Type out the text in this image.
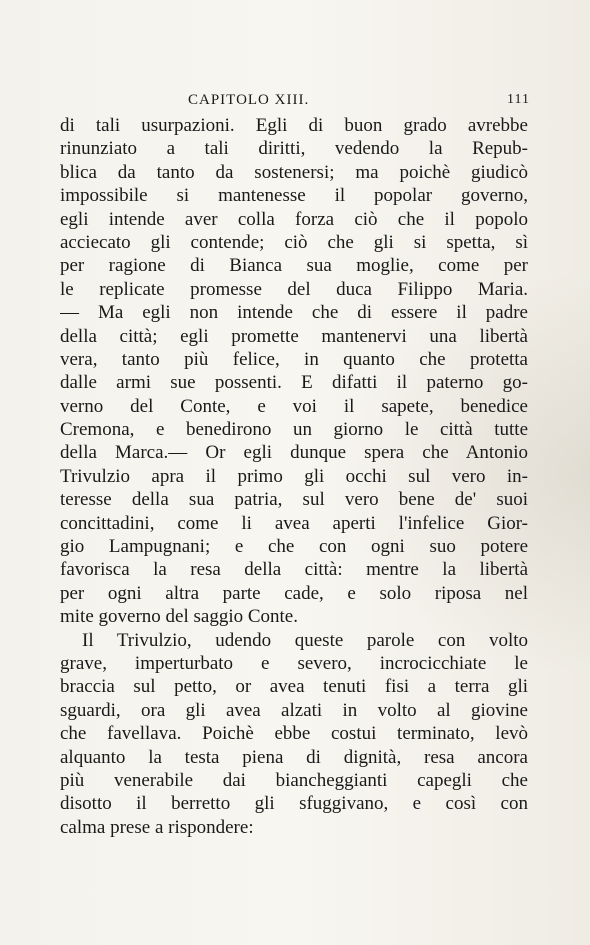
CAPITOLO XIII.	111
di tali usurpazioni. Egli di buon grado avrebbe
rinunziato a tali diritti, vedendo la Repub-
blica da tanto da sostenersi; ma poichè giudicò
impossibile si mantenesse il popolar governo,
egli intende aver colla forza ciò che il popolo
acciecato gli contende; ciò che gli si spetta, sì
per ragione di Bianca sua moglie, come per
le replicate promesse del duca Filippo Maria.
— Ma egli non intende che di essere il padre
della città; egli promette mantenervi una libertà
vera, tanto più felice, in quanto che protetta
dalle armi sue possenti. E difatti il paterno go-
verno del Conte, e voi il sapete, benedice
Cremona, e benedirono un giorno le città tutte
della Marca.— Or egli dunque spera che Antonio
Trivulzio apra il primo gli occhi sul vero in-
teresse della sua patria, sul vero bene de' suoi
concittadini, come li avea aperti l'infelice Gior-
gio Lampugnani; e che con ogni suo potere
favorisca la resa della città: mentre la libertà
per ogni altra parte cade, e solo riposa nel
mite governo del saggio Conte.
Il Trivulzio, udendo queste parole con volto
grave, imperturbato e severo, incrocicchiate le
braccia sul petto, or avea tenuti fisi a terra gli
sguardi, ora gli avea alzati in volto al giovine
che favellava. Poichè ebbe costui terminato, levò
alquanto la testa piena di dignità, resa ancora
più venerabile dai biancheggianti capegli che
disotto il berretto gli sfuggivano, e così con
calma prese a rispondere:
